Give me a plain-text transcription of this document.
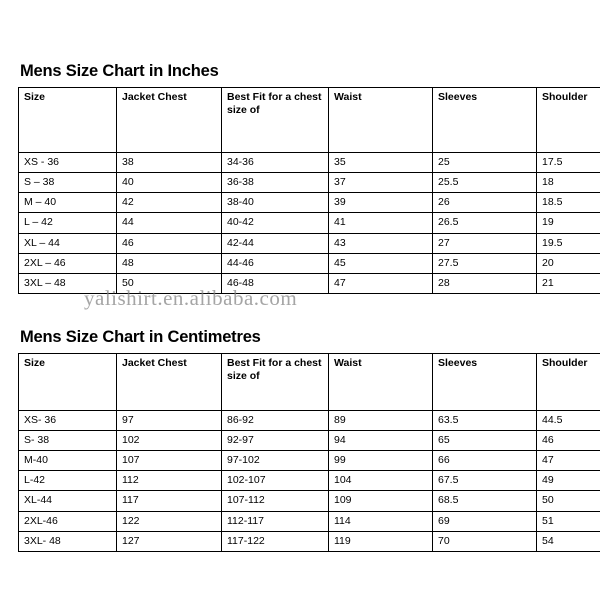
Mens Size Chart in Inches
Size	Jacket Chest	Best Fit for a chest size of	Waist	Sleeves	Shoulder
XS - 36	38	34-36	35	25	17.5
S – 38	40	36-38	37	25.5	18
M – 40	42	38-40	39	26	18.5
L – 42	44	40-42	41	26.5	19
XL – 44	46	42-44	43	27	19.5
2XL – 46	48	44-46	45	27.5	20
3XL – 48	50	46-48	47	28	21
Mens Size Chart in Centimetres
Size	Jacket Chest	Best Fit for a chest size of	Waist	Sleeves	Shoulder
XS- 36	97	86-92	89	63.5	44.5
S- 38	102	92-97	94	65	46
M-40	107	97-102	99	66	47
L-42	112	102-107	104	67.5	49
XL-44	117	107-112	109	68.5	50
2XL-46	122	112-117	114	69	51
3XL- 48	127	117-122	119	70	54
yalishirt.en.alibaba.com
